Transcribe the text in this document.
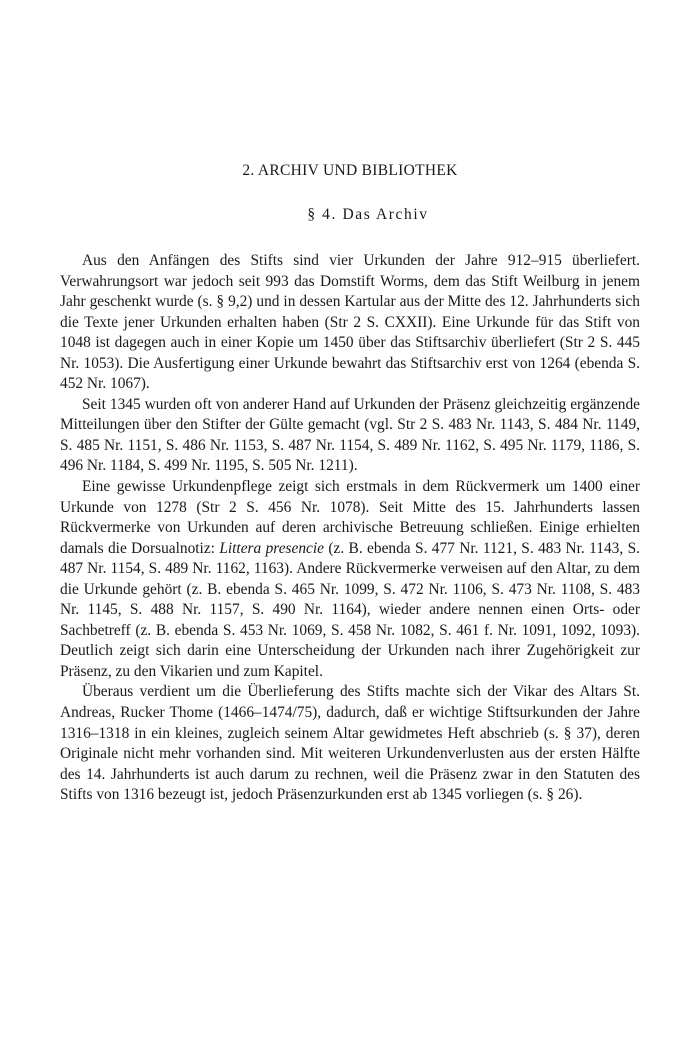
2. ARCHIV UND BIBLIOTHEK
§ 4. Das Archiv

Aus den Anfängen des Stifts sind vier Urkunden der Jahre 912–915 überliefert. Verwahrungsort war jedoch seit 993 das Domstift Worms, dem das Stift Weilburg in jenem Jahr geschenkt wurde (s. § 9,2) und in dessen Kartular aus der Mitte des 12. Jahrhunderts sich die Texte jener Urkunden erhalten haben (Str 2 S. CXXII). Eine Urkunde für das Stift von 1048 ist dagegen auch in einer Kopie um 1450 über das Stiftsarchiv überliefert (Str 2 S. 445 Nr. 1053). Die Ausfertigung einer Urkunde bewahrt das Stiftsarchiv erst von 1264 (ebenda S. 452 Nr. 1067).

Seit 1345 wurden oft von anderer Hand auf Urkunden der Präsenz gleichzeitig ergänzende Mitteilungen über den Stifter der Gülte gemacht (vgl. Str 2 S. 483 Nr. 1143, S. 484 Nr. 1149, S. 485 Nr. 1151, S. 486 Nr. 1153, S. 487 Nr. 1154, S. 489 Nr. 1162, S. 495 Nr. 1179, 1186, S. 496 Nr. 1184, S. 499 Nr. 1195, S. 505 Nr. 1211).

Eine gewisse Urkundenpflege zeigt sich erstmals in dem Rückvermerk um 1400 einer Urkunde von 1278 (Str 2 S. 456 Nr. 1078). Seit Mitte des 15. Jahrhunderts lassen Rückvermerke von Urkunden auf deren archivische Betreuung schließen. Einige erhielten damals die Dorsualnotiz: Littera presencie (z. B. ebenda S. 477 Nr. 1121, S. 483 Nr. 1143, S. 487 Nr. 1154, S. 489 Nr. 1162, 1163). Andere Rückvermerke verweisen auf den Altar, zu dem die Urkunde gehört (z. B. ebenda S. 465 Nr. 1099, S. 472 Nr. 1106, S. 473 Nr. 1108, S. 483 Nr. 1145, S. 488 Nr. 1157, S. 490 Nr. 1164), wieder andere nennen einen Orts- oder Sachbetreff (z. B. ebenda S. 453 Nr. 1069, S. 458 Nr. 1082, S. 461 f. Nr. 1091, 1092, 1093). Deutlich zeigt sich darin eine Unterscheidung der Urkunden nach ihrer Zugehörigkeit zur Präsenz, zu den Vikarien und zum Kapitel.

Überaus verdient um die Überlieferung des Stifts machte sich der Vikar des Altars St. Andreas, Rucker Thome (1466–1474/75), dadurch, daß er wichtige Stiftsurkunden der Jahre 1316–1318 in ein kleines, zugleich seinem Altar gewidmetes Heft abschrieb (s. § 37), deren Originale nicht mehr vorhanden sind. Mit weiteren Urkundenverlusten aus der ersten Hälfte des 14. Jahrhunderts ist auch darum zu rechnen, weil die Präsenz zwar in den Statuten des Stifts von 1316 bezeugt ist, jedoch Präsenzurkunden erst ab 1345 vorliegen (s. § 26).
